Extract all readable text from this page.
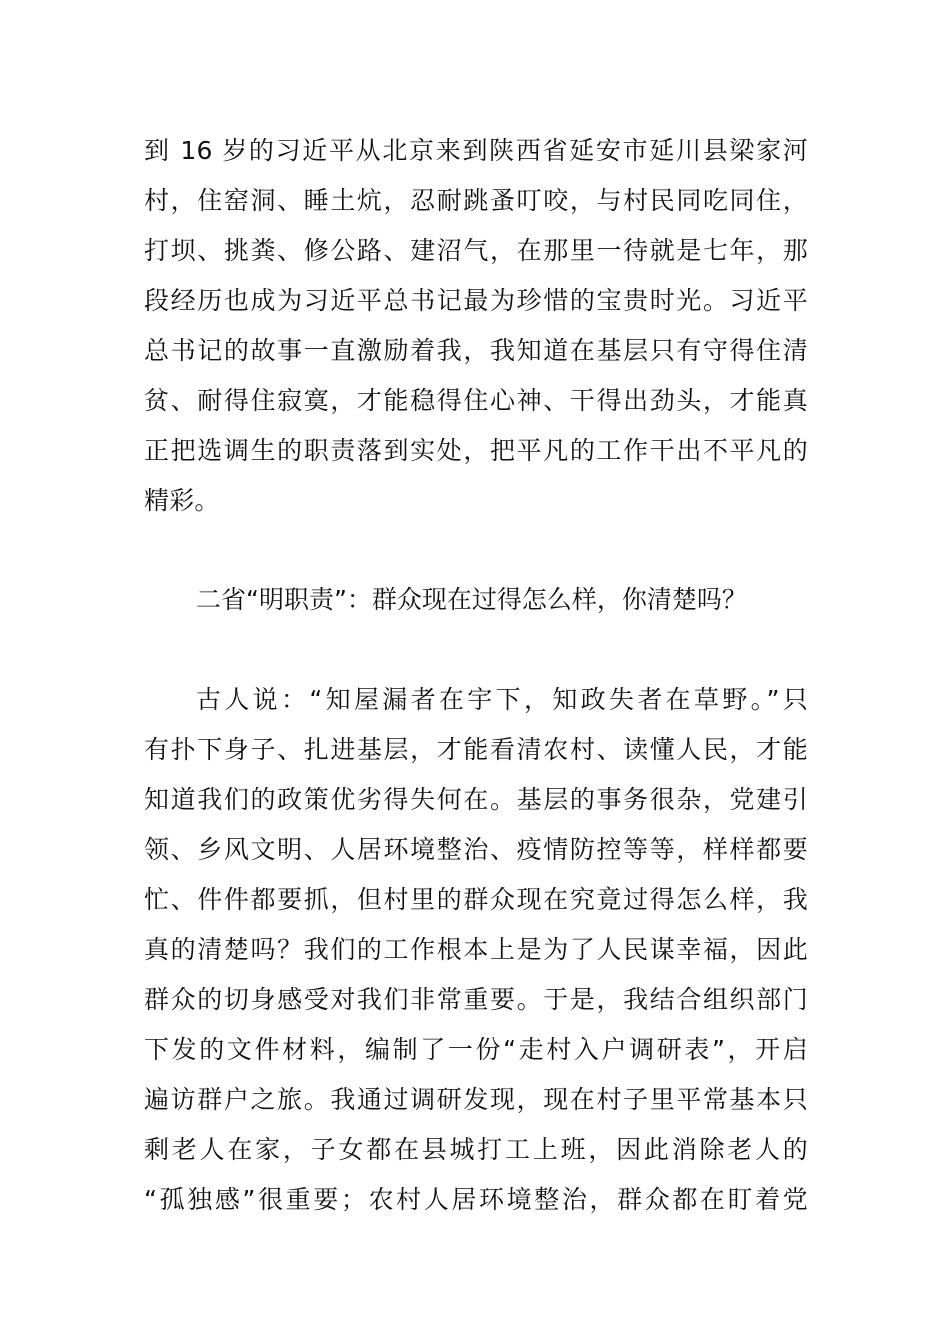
到 16 岁的习近平从北京来到陕西省延安市延川县梁家河
村，住窑洞、睡土炕，忍耐跳蚤叮咬，与村民同吃同住，
打坝、挑粪、修公路、建沼气，在那里一待就是七年，那
段经历也成为习近平总书记最为珍惜的宝贵时光。习近平
总书记的故事一直激励着我，我知道在基层只有守得住清
贫、耐得住寂寞，才能稳得住心神、干得出劲头，才能真
正把选调生的职责落到实处，把平凡的工作干出不平凡的
精彩。
二省“明职责”：群众现在过得怎么样，你清楚吗？
古人说：“知屋漏者在宇下，知政失者在草野。”只
有扑下身子、扎进基层，才能看清农村、读懂人民，才能
知道我们的政策优劣得失何在。基层的事务很杂，党建引
领、乡风文明、人居环境整治、疫情防控等等，样样都要
忙、件件都要抓，但村里的群众现在究竟过得怎么样，我
真的清楚吗？我们的工作根本上是为了人民谋幸福，因此
群众的切身感受对我们非常重要。于是，我结合组织部门
下发的文件材料，编制了一份“走村入户调研表”，开启
遍访群户之旅。我通过调研发现，现在村子里平常基本只
剩老人在家，子女都在县城打工上班，因此消除老人的
“孤独感”很重要；农村人居环境整治，群众都在盯着党
